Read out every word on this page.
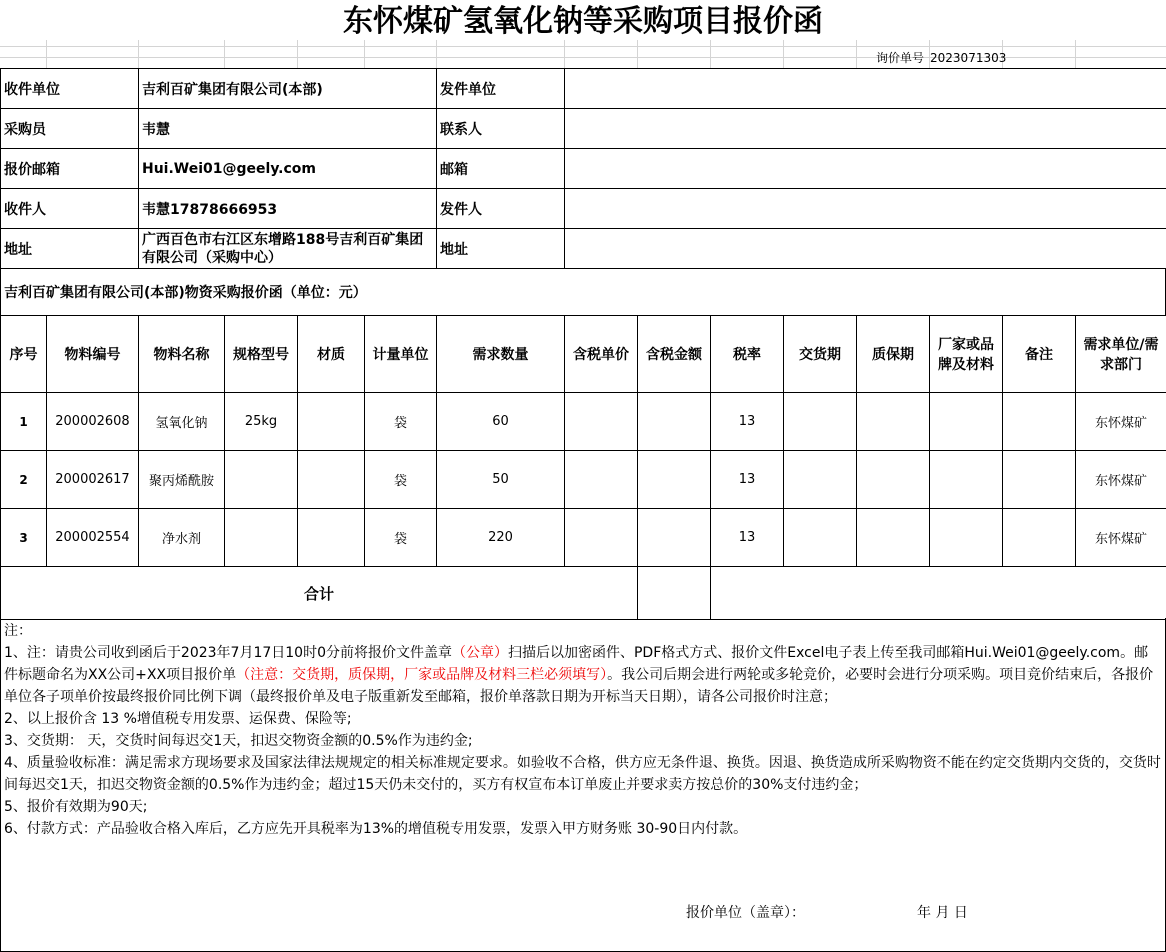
东怀煤矿氢氧化钠等采购项目报价函
询价单号 2023071303
收件单位	吉利百矿集团有限公司(本部)	发件单位	
采购员	韦慧	联系人	
报价邮箱	Hui.Wei01@geely.com	邮箱	
收件人	韦慧17878666953	发件人	
地址	广西百色市右江区东增路188号吉利百矿集团有限公司（采购中心）	地址	
吉利百矿集团有限公司(本部)物资采购报价函（单位：元）
序号	物料编号	物料名称	规格型号	材质	计量单位	需求数量	含税单价	含税金额	税率	交货期	质保期	厂家或品牌及材料	备注	需求单位/需求部门
1	200002608	氢氧化钠	25kg		袋	60			13					东怀煤矿
2	200002617	聚丙烯酰胺			袋	50			13					东怀煤矿
3	200002554	净水剂			袋	220			13					东怀煤矿
合计														

注：

1、注：请贵公司收到函后于2023年7月17日10时0分前将报价文件盖章（公章）扫描后以加密函件、PDF格式方式、报价文件Excel电子表上传至我司邮箱Hui.Wei01@geely.com。邮件标题命名为XX公司+XX项目报价单（注意：交货期，质保期，厂家或品牌及材料三栏必须填写）。我公司后期会进行两轮或多轮竞价，必要时会进行分项采购。项目竞价结束后，各报价单位各子项单价按最终报价同比例下调（最终报价单及电子版重新发至邮箱，报价单落款日期为开标当天日期），请各公司报价时注意；

2、以上报价含 13 %增值税专用发票、运保费、保险等;

3、交货期： 天，交货时间每迟交1天，扣迟交物资金额的0.5%作为违约金;

4、质量验收标准：满足需求方现场要求及国家法律法规规定的相关标准规定要求。如验收不合格，供方应无条件退、换货。因退、换货造成所采购物资不能在约定交货期内交货的，交货时间每迟交1天，扣迟交物资金额的0.5%作为违约金；超过15天仍未交付的，买方有权宣布本订单废止并要求卖方按总价的30%支付违约金；

5、报价有效期为90天;

6、付款方式：产品验收合格入库后，乙方应先开具税率为13%的增值税专用发票，发票入甲方财务账 30-90日内付款。

报价单位（盖章）：	年 月 日
